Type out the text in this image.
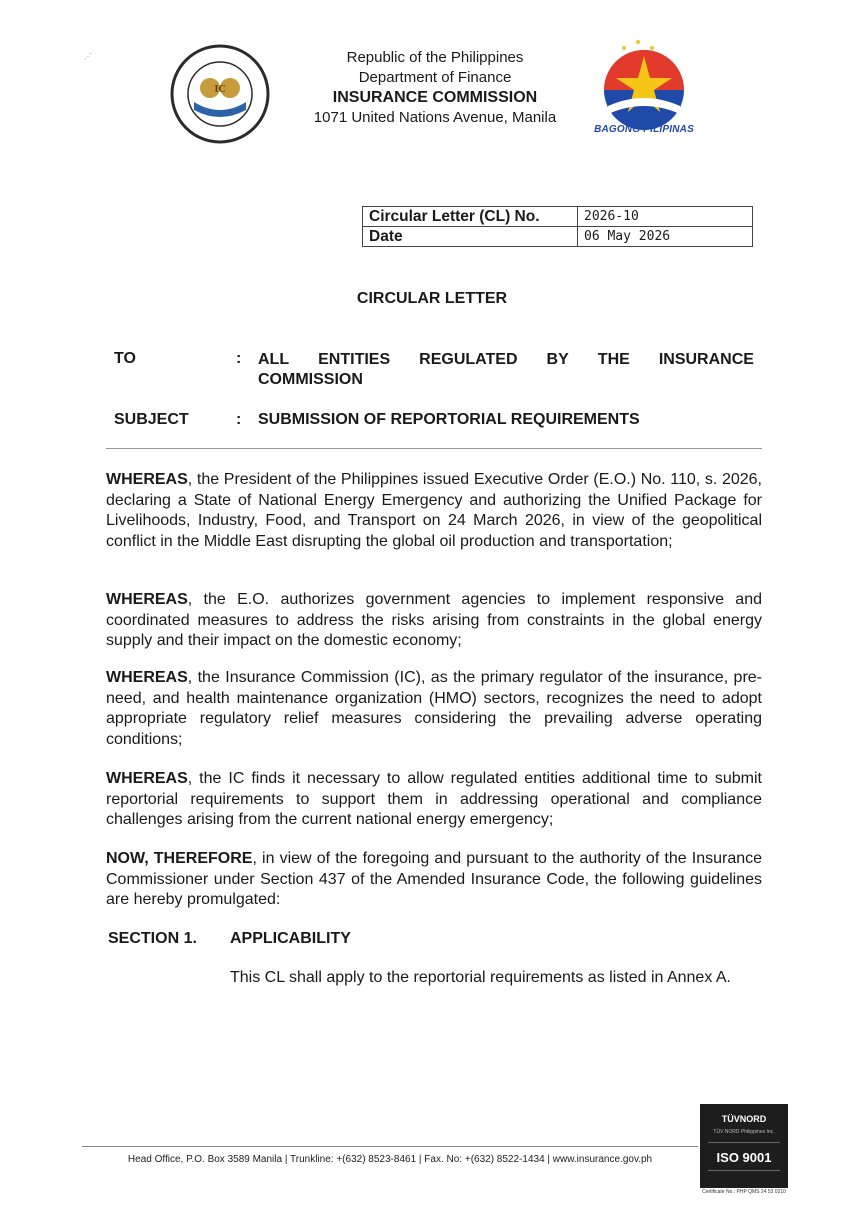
⋰
IC
Republic of the Philippines
Department of Finance
INSURANCE COMMISSION
1071 United Nations Avenue, Manila
BAGONG PILIPINAS
Circular Letter (CL) No.	2026-10
Date	06 May 2026
CIRCULAR LETTER
TO	: ALL ENTITIES REGULATED BY THE INSURANCE
COMMISSION
SUBJECT	: SUBMISSION OF REPORTORIAL REQUIREMENTS
WHEREAS, the President of the Philippines issued Executive Order (E.O.) No. 110, s. 2026, declaring a State of National Energy Emergency and authorizing the Unified Package for Livelihoods, Industry, Food, and Transport on 24 March 2026, in view of the geopolitical conflict in the Middle East disrupting the global oil production and transportation;
WHEREAS, the E.O. authorizes government agencies to implement responsive and coordinated measures to address the risks arising from constraints in the global energy supply and their impact on the domestic economy;
WHEREAS, the Insurance Commission (IC), as the primary regulator of the insurance, pre-need, and health maintenance organization (HMO) sectors, recognizes the need to adopt appropriate regulatory relief measures considering the prevailing adverse operating conditions;
WHEREAS, the IC finds it necessary to allow regulated entities additional time to submit reportorial requirements to support them in addressing operational and compliance challenges arising from the current national energy emergency;
NOW, THEREFORE, in view of the foregoing and pursuant to the authority of the Insurance Commissioner under Section 437 of the Amended Insurance Code, the following guidelines are hereby promulgated:
SECTION 1. APPLICABILITY
This CL shall apply to the reportorial requirements as listed in Annex A.
Head Office, P.O. Box 3589 Manila | Trunkline: +(632) 8523-8461 | Fax. No: +(632) 8522-1434 | www.insurance.gov.ph
TÜVNORD
TÜV NORD Philippines Inc.
ISO 9001
Certificate No.: PHP QMS 24 53 0210
